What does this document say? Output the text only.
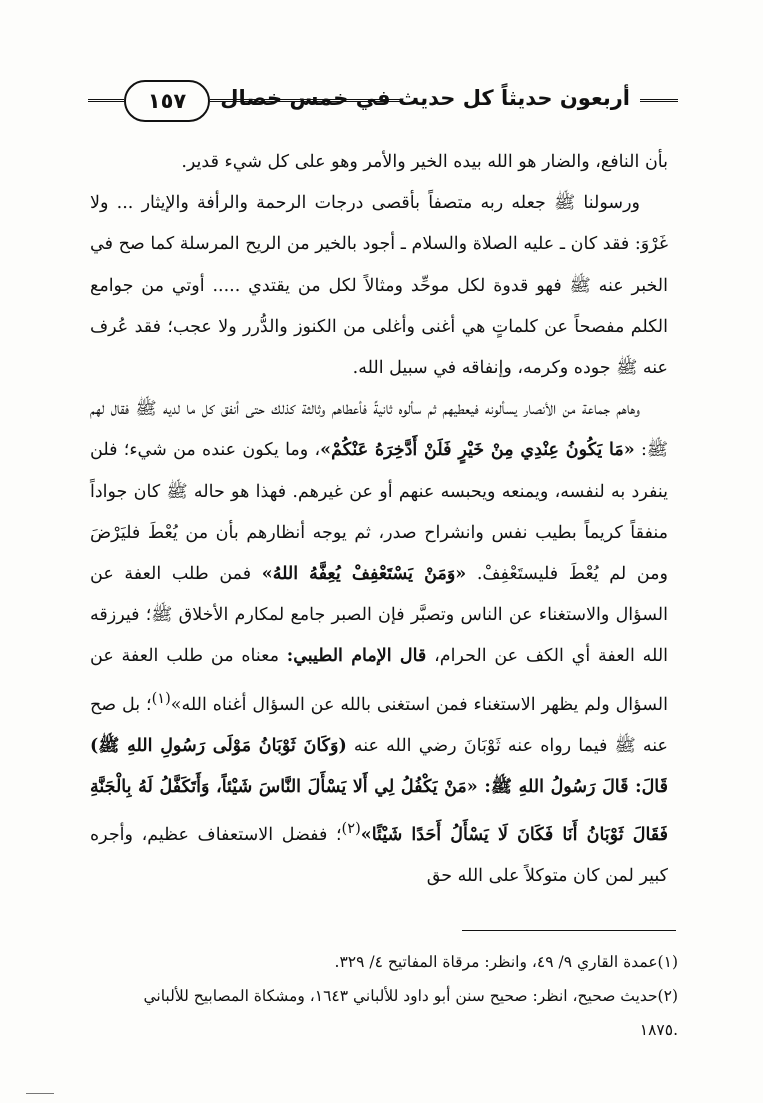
أربعون حديثاً كل حديث في خمس خصال
١٥٧

بأن النافع، والضار هو الله بيده الخير والأمر وهو على كل شيء قدير.

ورسولنا ﷺ جعله ربه متصفاً بأقصى درجات الرحمة والرأفة والإيثار ... ولا غَرْوَ: فقد كان ـ عليه الصلاة والسلام ـ أجود بالخير من الريح المرسلة كما صح في الخبر عنه ﷺ فهو قدوة لكل موحِّد ومثالاً لكل من يقتدي ..... أوتي من جوامع الكلم مفصحاً عن كلماتٍ هي أغنى وأغلى من الكنوز والدُّرر ولا عجب؛ فقد عُرف عنه ﷺ جوده وكرمه، وإنفاقه في سبيل الله.

وهاهم جماعة من الأنصار يسألونه فيعطيهم ثم سألوه ثانيةً فأعطاهم وثالثة كذلك حتى أنفق كل ما لديه ﷺ فقال لهم ﷺ: «مَا يَكُونُ عِنْدِي مِنْ خَيْرٍ فَلَنْ أَدَّخِرَهُ عَنْكُمْ»، وما يكون عنده من شيء؛ فلن ينفرد به لنفسه، ويمنعه ويحبسه عنهم أو عن غيرهم. فهذا هو حاله ﷺ كان جواداً منفقاً كريماً بطيب نفس وانشراح صدر، ثم يوجه أنظارهم بأن من يُعْطَ فليَرْضَ ومن لم يُعْطَ فليستَعْفِفْ. «وَمَنْ يَسْتَعْفِفْ يُعِفَّهُ اللهُ» فمن طلب العفة عن السؤال والاستغناء عن الناس وتصبَّر فإن الصبر جامع لمكارم الأخلاق ﷺ؛ فيرزقه الله العفة أي الكف عن الحرام، قال الإمام الطيبي: معناه من طلب العفة عن السؤال ولم يظهر الاستغناء فمن استغنى بالله عن السؤال أغناه الله»$^{(١)}$؛ بل صح عنه ﷺ فيما رواه عنه ثَوْبَانَ رضي الله عنه (وَكَانَ ثَوْبَانُ مَوْلَى رَسُولِ اللهِ ﷺ) قَالَ: قَالَ رَسُولُ اللهِ ﷺ: «مَنْ يَكْفُلُ لِي أَلا يَسْأَلَ النَّاسَ شَيْئاً، وَأَتَكَفَّلُ لَهُ بِالْجَنَّةِ فَقَالَ ثَوْبَانُ أَنَا فَكَانَ لَا يَسْأَلُ أَحَدًا شَيْئًا»$^{(٢)}$؛ ففضل الاستعفاف عظيم، وأجره كبير لمن كان متوكلاً على الله حق

(١)عمدة القاري ٩/ ٤٩، وانظر: مرقاة المفاتيح ٤/ ٣٢٩.

(٢)حديث صحيح، انظر: صحيح سنن أبو داود للألباني ١٦٤٣، ومشكاة المصابيح للألباني

.١٨٧٥
